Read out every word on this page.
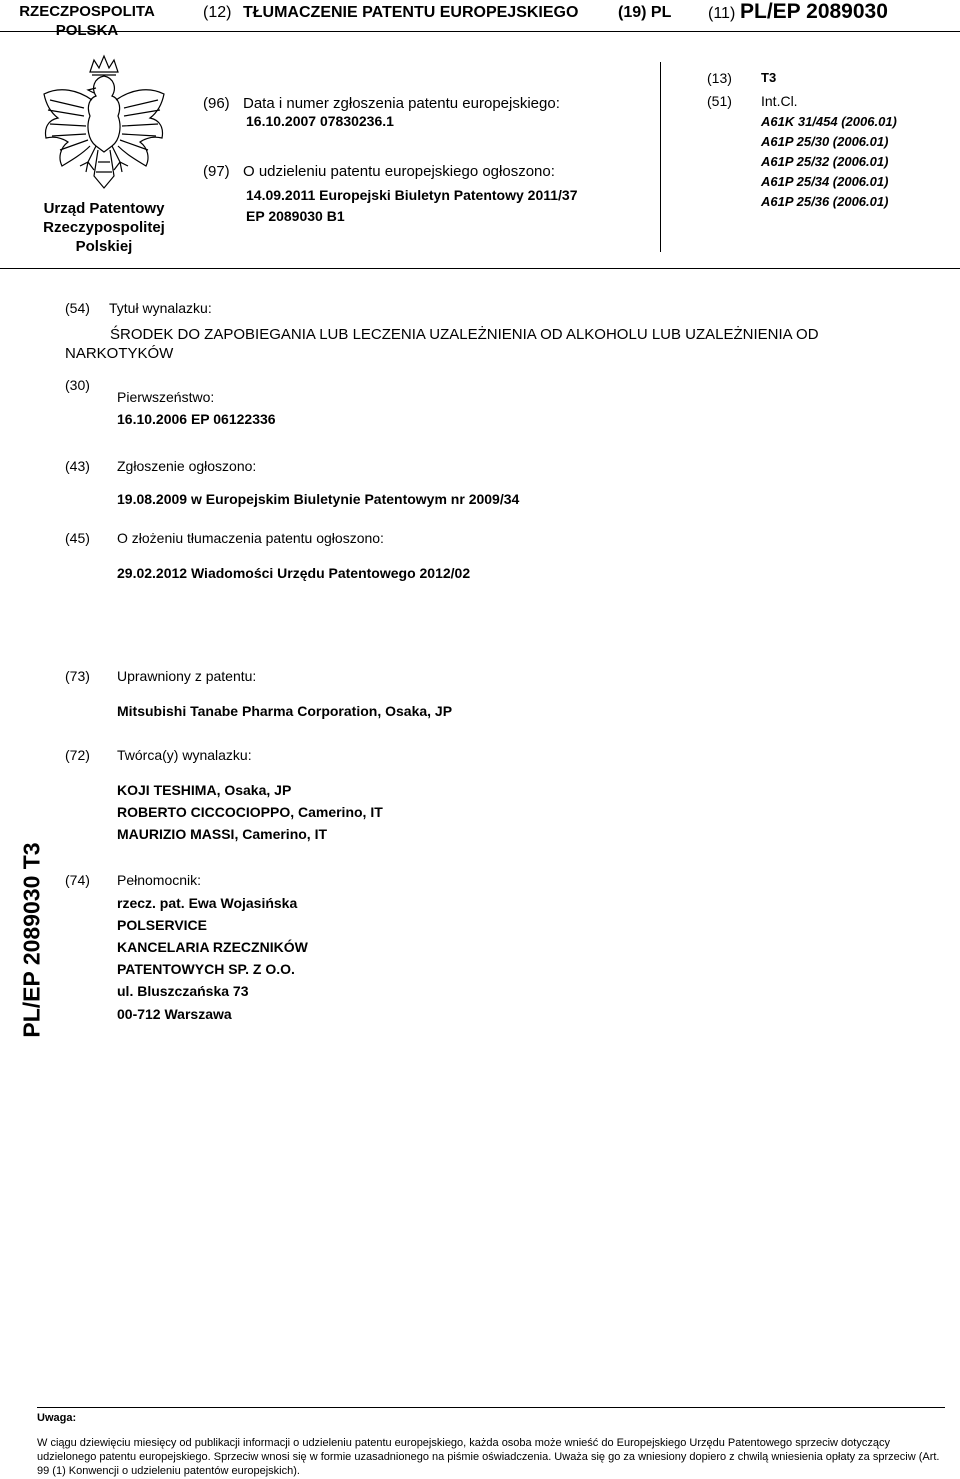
RZECZPOSPOLITA POLSKA
(12) TŁUMACZENIE PATENTU EUROPEJSKIEGO (19) PL (11) PL/EP 2089030
Urząd Patentowy
Rzeczypospolitej
Polskiej
(96) Data i numer zgłoszenia patentu europejskiego:
16.10.2007 07830236.1
(97) O udzieleniu patentu europejskiego ogłoszono:
14.09.2011 Europejski Biuletyn Patentowy 2011/37
EP 2089030 B1
(13) T3
(51) Int.Cl.
A61K 31/454 (2006.01)
A61P 25/30 (2006.01)
A61P 25/32 (2006.01)
A61P 25/34 (2006.01)
A61P 25/36 (2006.01)
(54) Tytuł wynalazku:
ŚRODEK DO ZAPOBIEGANIA LUB LECZENIA UZALEŻNIENIA OD ALKOHOLU LUB UZALEŻNIENIA OD
NARKOTYKÓW
(30)
Pierwszeństwo:
16.10.2006 EP 06122336
(43) Zgłoszenie ogłoszono:
19.08.2009 w Europejskim Biuletynie Patentowym nr 2009/34
(45) O złożeniu tłumaczenia patentu ogłoszono:
29.02.2012 Wiadomości Urzędu Patentowego 2012/02
(73) Uprawniony z patentu:
Mitsubishi Tanabe Pharma Corporation, Osaka, JP
(72) Twórca(y) wynalazku:
KOJI TESHIMA, Osaka, JP
ROBERTO CICCOCIOPPO, Camerino, IT
MAURIZIO MASSI, Camerino, IT
(74) Pełnomocnik:
rzecz. pat. Ewa Wojasińska
POLSERVICE
KANCELARIA RZECZNIKÓW
PATENTOWYCH SP. Z O.O.
ul. Bluszczańska 73
00-712 Warszawa
PL/EP 2089030 T3
Uwaga:
W ciągu dziewięciu miesięcy od publikacji informacji o udzieleniu patentu europejskiego, każda osoba może wnieść do Europejskiego Urzędu Patentowego sprzeciw dotyczący udzielonego patentu europejskiego. Sprzeciw wnosi się w formie uzasadnionego na piśmie oświadczenia. Uważa się go za wniesiony dopiero z chwilą wniesienia opłaty za sprzeciw (Art. 99 (1) Konwencji o udzieleniu patentów europejskich).
